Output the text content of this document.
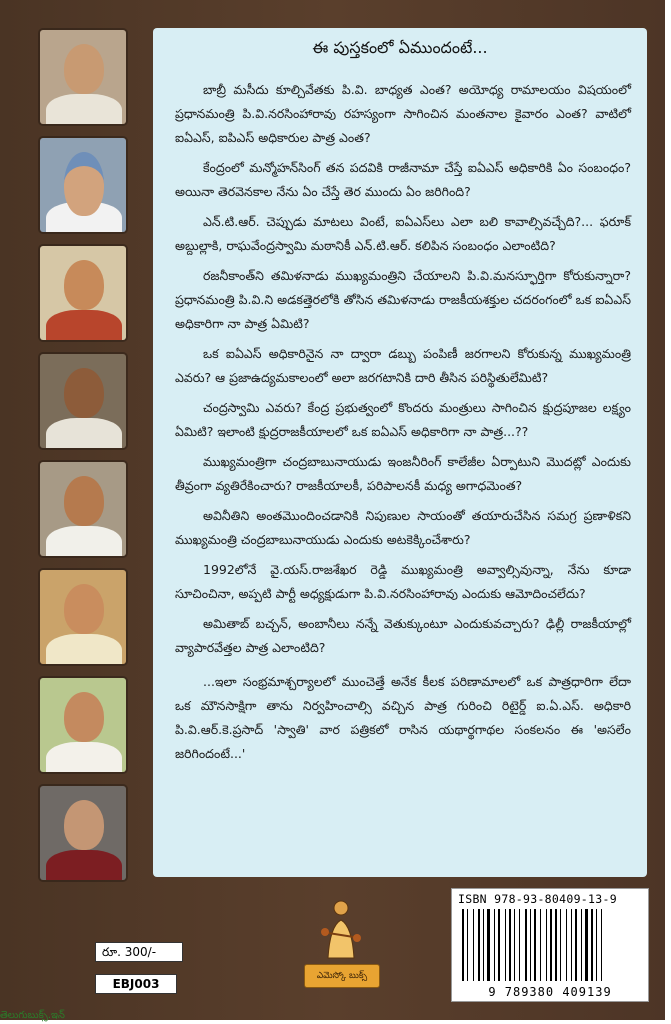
ఈ పుస్తకంలో ఏముందంటే...

బాబ్రీ మసీదు కూల్చివేతకు పి.వి. బాధ్యత ఎంత? అయోధ్య రామాలయం విషయంలో ప్రధానమంత్రి పి.వి.నరసింహారావు రహస్యంగా సాగించిన మంతనాల కైవారం ఎంత? వాటిలో ఐఏఎస్, ఐపిఎస్ అధికారుల పాత్ర ఎంత?

కేంద్రంలో మన్మోహన్‌సింగ్ తన పదవికి రాజీనామా చేస్తే ఐఏఎస్ అధికారికి ఏం సంబంధం? అయినా తెరవెనకాల నేను ఏం చేస్తే తెర ముందు ఏం జరిగింది?

ఎన్.టి.ఆర్. చెప్పుడు మాటలు వింటే, ఐఏఎస్‌లు ఎలా బలి కావాల్సివచ్చేది?... ఫరూక్ అబ్దుల్లాకి, రాఘవేంద్రస్వామి మఠానికీ ఎన్.టి.ఆర్. కలిపిన సంబంధం ఎలాంటిది?

రజనీకాంత్‌ని తమిళనాడు ముఖ్యమంత్రిని చేయాలని పి.వి.మనస్ఫూర్తిగా కోరుకున్నారా? ప్రధానమంత్రి పి.వి.ని అడకత్తెరలోకి తోసిన తమిళనాడు రాజకీయశక్తుల చదరంగంలో ఒక ఐఏఎస్ అధికారిగా నా పాత్ర ఏమిటి?

ఒక ఐఏఎస్ అధికారినైన నా ద్వారా డబ్బు పంపిణీ జరగాలని కోరుకున్న ముఖ్యమంత్రి ఎవరు? ఆ ప్రజాఉద్యమకాలంలో అలా జరగటానికి దారి తీసిన పరిస్థితులేమిటి?

చంద్రస్వామి ఎవరు? కేంద్ర ప్రభుత్వంలో కొందరు మంత్రులు సాగించిన క్షుద్రపూజల లక్ష్యం ఏమిటి? ఇలాంటి క్షుద్రరాజకీయాలలో ఒక ఐఏఎస్ అధికారిగా నా పాత్ర...??

ముఖ్యమంత్రిగా చంద్రబాబునాయుడు ఇంజనీరింగ్ కాలేజీల ఏర్పాటుని మొదట్లో ఎందుకు తీవ్రంగా వ్యతిరేకించారు? రాజకీయాలకీ, పరిపాలనకీ మధ్య అగాధమెంత?

అవినీతిని అంతమొందించడానికి నిపుణుల సాయంతో తయారుచేసిన సమగ్ర ప్రణాళికని ముఖ్యమంత్రి చంద్రబాబునాయుడు ఎందుకు అటకెక్కించేశారు?

1992లోనే వై.యస్.రాజశేఖర రెడ్డి ముఖ్యమంత్రి అవ్వాల్సివున్నా, నేను కూడా సూచించినా, అప్పటి పార్టీ అధ్యక్షుడుగా పి.వి.నరసింహారావు ఎందుకు ఆమోదించలేదు?

అమితాబ్ బచ్చన్, అంబానీలు నన్నే వెతుక్కుంటూ ఎందుకువచ్చారు? ఢిల్లీ రాజకీయాల్లో వ్యాపారవేత్తల పాత్ర ఎలాంటిది?

...ఇలా సంభ్రమాశ్చర్యాలలో ముంచెత్తే అనేక కీలక పరిణామాలలో ఒక పాత్రధారిగా లేదా ఒక మౌనసాక్షిగా తాను నిర్వహించాల్సి వచ్చిన పాత్ర గురించి రిటైర్డ్ ఐ.ఏ.ఎస్. అధికారి పి.వి.ఆర్.కె.ప్రసాద్ 'స్వాతి' వార పత్రికలో రాసిన యథార్థగాథల సంకలనం ఈ 'అసలేం జరిగిందంటే...'

ఎమెస్కో బుక్స్
ISBN 978-93-80409-13-9
9 789380 409139
రూ. 300/-
EBJ003
తెలుగుబుక్స్.ఇన్
